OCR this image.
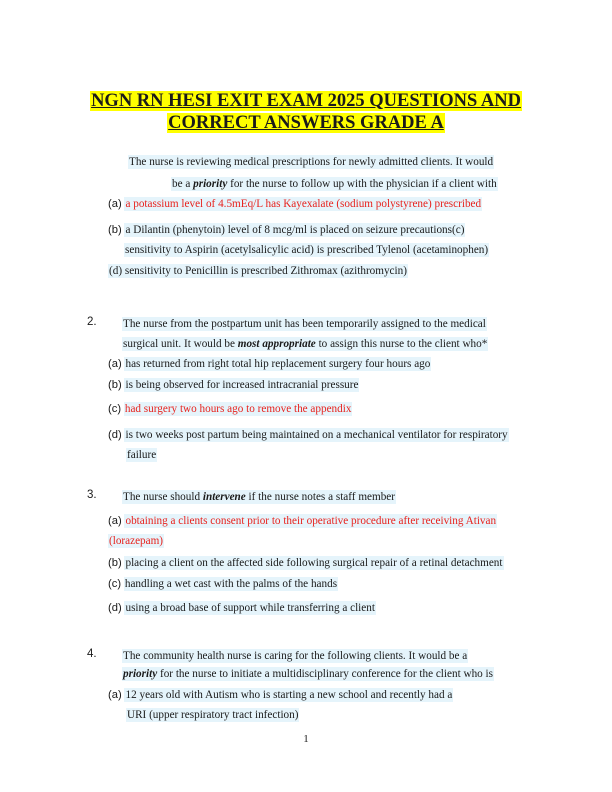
NGN RN HESI EXIT EXAM 2025 QUESTIONS AND
CORRECT ANSWERS GRADE A
The nurse is reviewing medical prescriptions for newly admitted clients. It would
be a priority for the nurse to follow up with the physician if a client with
(a) a potassium level of 4.5mEq/L has Kayexalate (sodium polystyrene) prescribed
(b) a Dilantin (phenytoin) level of 8 mcg/ml is placed on seizure precautions(c)
sensitivity to Aspirin (acetylsalicylic acid) is prescribed Tylenol (acetaminophen)
(d) sensitivity to Penicillin is prescribed Zithromax (azithromycin)
2. The nurse from the postpartum unit has been temporarily assigned to the medical
surgical unit. It would be most appropriate to assign this nurse to the client who*
(a) has returned from right total hip replacement surgery four hours ago
(b) is being observed for increased intracranial pressure
(c) had surgery two hours ago to remove the appendix
(d) is two weeks post partum being maintained on a mechanical ventilator for respiratory
failure
3. The nurse should intervene if the nurse notes a staff member
(a) obtaining a clients consent prior to their operative procedure after receiving Ativan
(lorazepam)
(b) placing a client on the affected side following surgical repair of a retinal detachment
(c) handling a wet cast with the palms of the hands
(d) using a broad base of support while transferring a client
4. The community health nurse is caring for the following clients. It would be a
priority for the nurse to initiate a multidisciplinary conference for the client who is
(a) 12 years old with Autism who is starting a new school and recently had a
URI (upper respiratory tract infection)
1
